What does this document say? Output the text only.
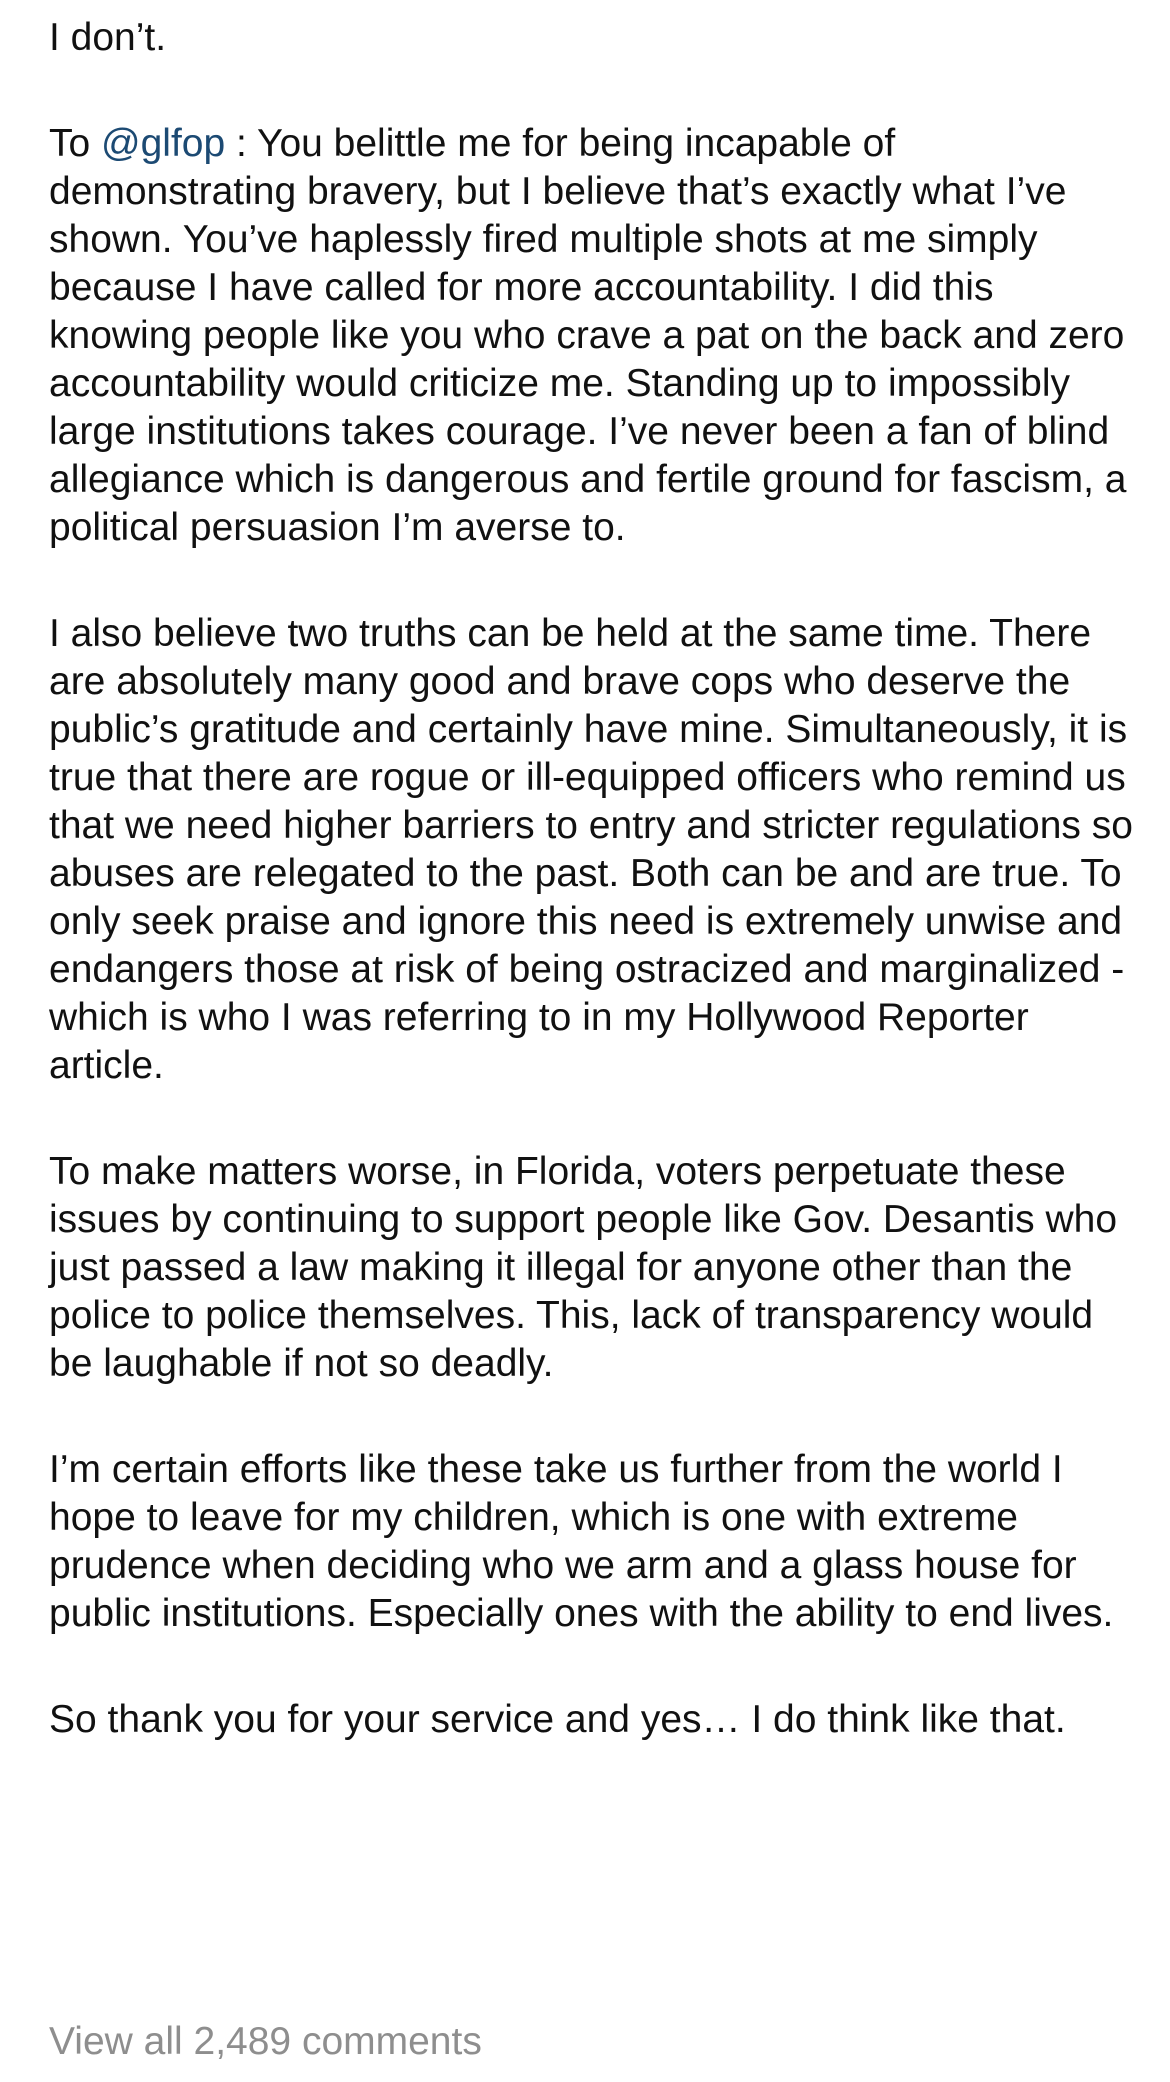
I don’t.

To @glfop : You belittle me for being incapable of demonstrating bravery, but I believe that’s exactly what I’ve shown. You’ve haplessly fired multiple shots at me simply because I have called for more accountability. I did this knowing people like you who crave a pat on the back and zero accountability would criticize me. Standing up to impossibly large institutions takes courage. I’ve never been a fan of blind allegiance which is dangerous and fertile ground for fascism, a political persuasion I’m averse to.

I also believe two truths can be held at the same time. There are absolutely many good and brave cops who deserve the public’s gratitude and certainly have mine. Simultaneously, it is true that there are rogue or ill-equipped officers who remind us that we need higher barriers to entry and stricter regulations so abuses are relegated to the past. Both can be and are true. To only seek praise and ignore this need is extremely unwise and endangers those at risk of being ostracized and marginalized - which is who I was referring to in my Hollywood Reporter article.

To make matters worse, in Florida, voters perpetuate these issues by continuing to support people like Gov. Desantis who just passed a law making it illegal for anyone other than the police to police themselves. This, lack of transparency would be laughable if not so deadly.

I’m certain efforts like these take us further from the world I hope to leave for my children, which is one with extreme prudence when deciding who we arm and a glass house for public institutions. Especially ones with the ability to end lives.

So thank you for your service and yes… I do think like that.

View all 2,489 comments
